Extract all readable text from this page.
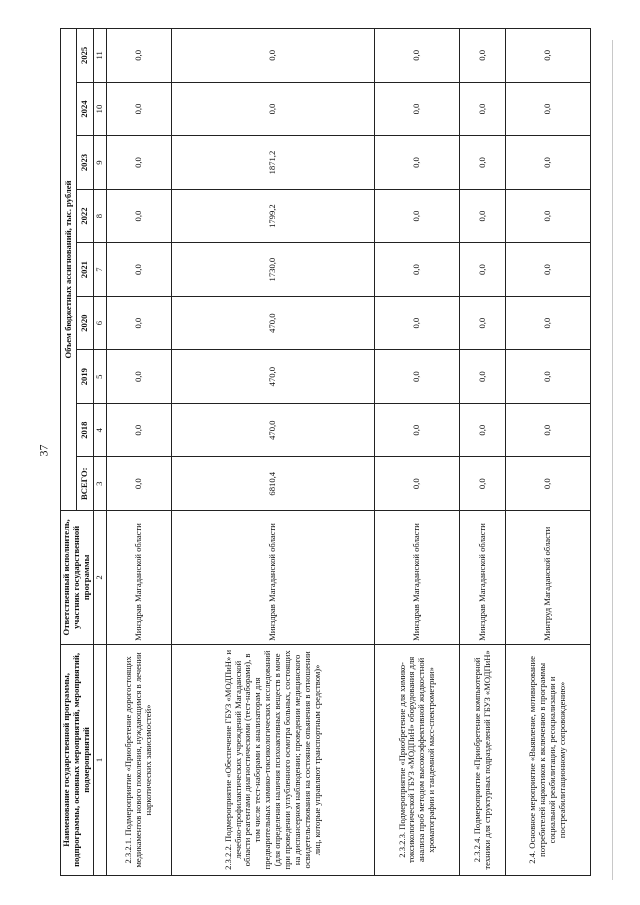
37
Наименование государственной программы, подпрограммы, основных мероприятий, мероприятий, подмероприятий	Ответственный исполнитель, участник государственной программы	Объем бюджетных ассигнований, тыс. рублей								
		ВСЕГО:	2018	2019	2020	2021	2022	2023	2024	2025
1	2	3	4	5	6	7	8	9	10	11
2.3.2.1. Подмероприятие «Приобретение дорогостоящих медикаментов нового поколения, нуждающимся в лечении наркотических зависимостей»	Минздрав Магаданской области	0,0	0,0	0,0	0,0	0,0	0,0	0,0	0,0	0,0
2.3.2.2. Подмероприятие «Обеспечение ГБУЗ «МОДПиН» и лечебно-профилактических учреждений Магаданской области реагентами диагностическими (тест-наборами), в том числе тест-наборами к анализаторам для предварительных химико-токсикологических исследований (для определения наличия психоактивных веществ в моче при проведении углубленного осмотра больных, состоящих на диспансерном наблюдении; проведении медицинского освидетельствования на состояние опьянения в отношении лиц, которые управляют транспортным средством)»	Минздрав Магаданской области	6810,4	470,0	470,0	470,0	1730,0	1799,2	1871,2	0,0	0,0
2.3.2.3. Подмероприятие «Приобретение для химико-токсикологической ГБУЗ «МОДПиН» оборудования для анализа проб методом высокоэффективной жидкостной хроматографии и тандемной масс-спектрометрии»	Минздрав Магаданской области	0,0	0,0	0,0	0,0	0,0	0,0	0,0	0,0	0,0
2.3.2.4. Подмероприятие «Приобретение компьютерной техники для структурных подразделений ГБУЗ «МОДПиН»	Минздрав Магаданской области	0,0	0,0	0,0	0,0	0,0	0,0	0,0	0,0	0,0
2.4. Основное мероприятие «Выявление, мотивирование потребителей наркотиков к включению в программы социальной реабилитации, ресоциализации и постреабилитационному сопровождению»	Минтруд Магаданской области	0,0	0,0	0,0	0,0	0,0	0,0	0,0	0,0	0,0
